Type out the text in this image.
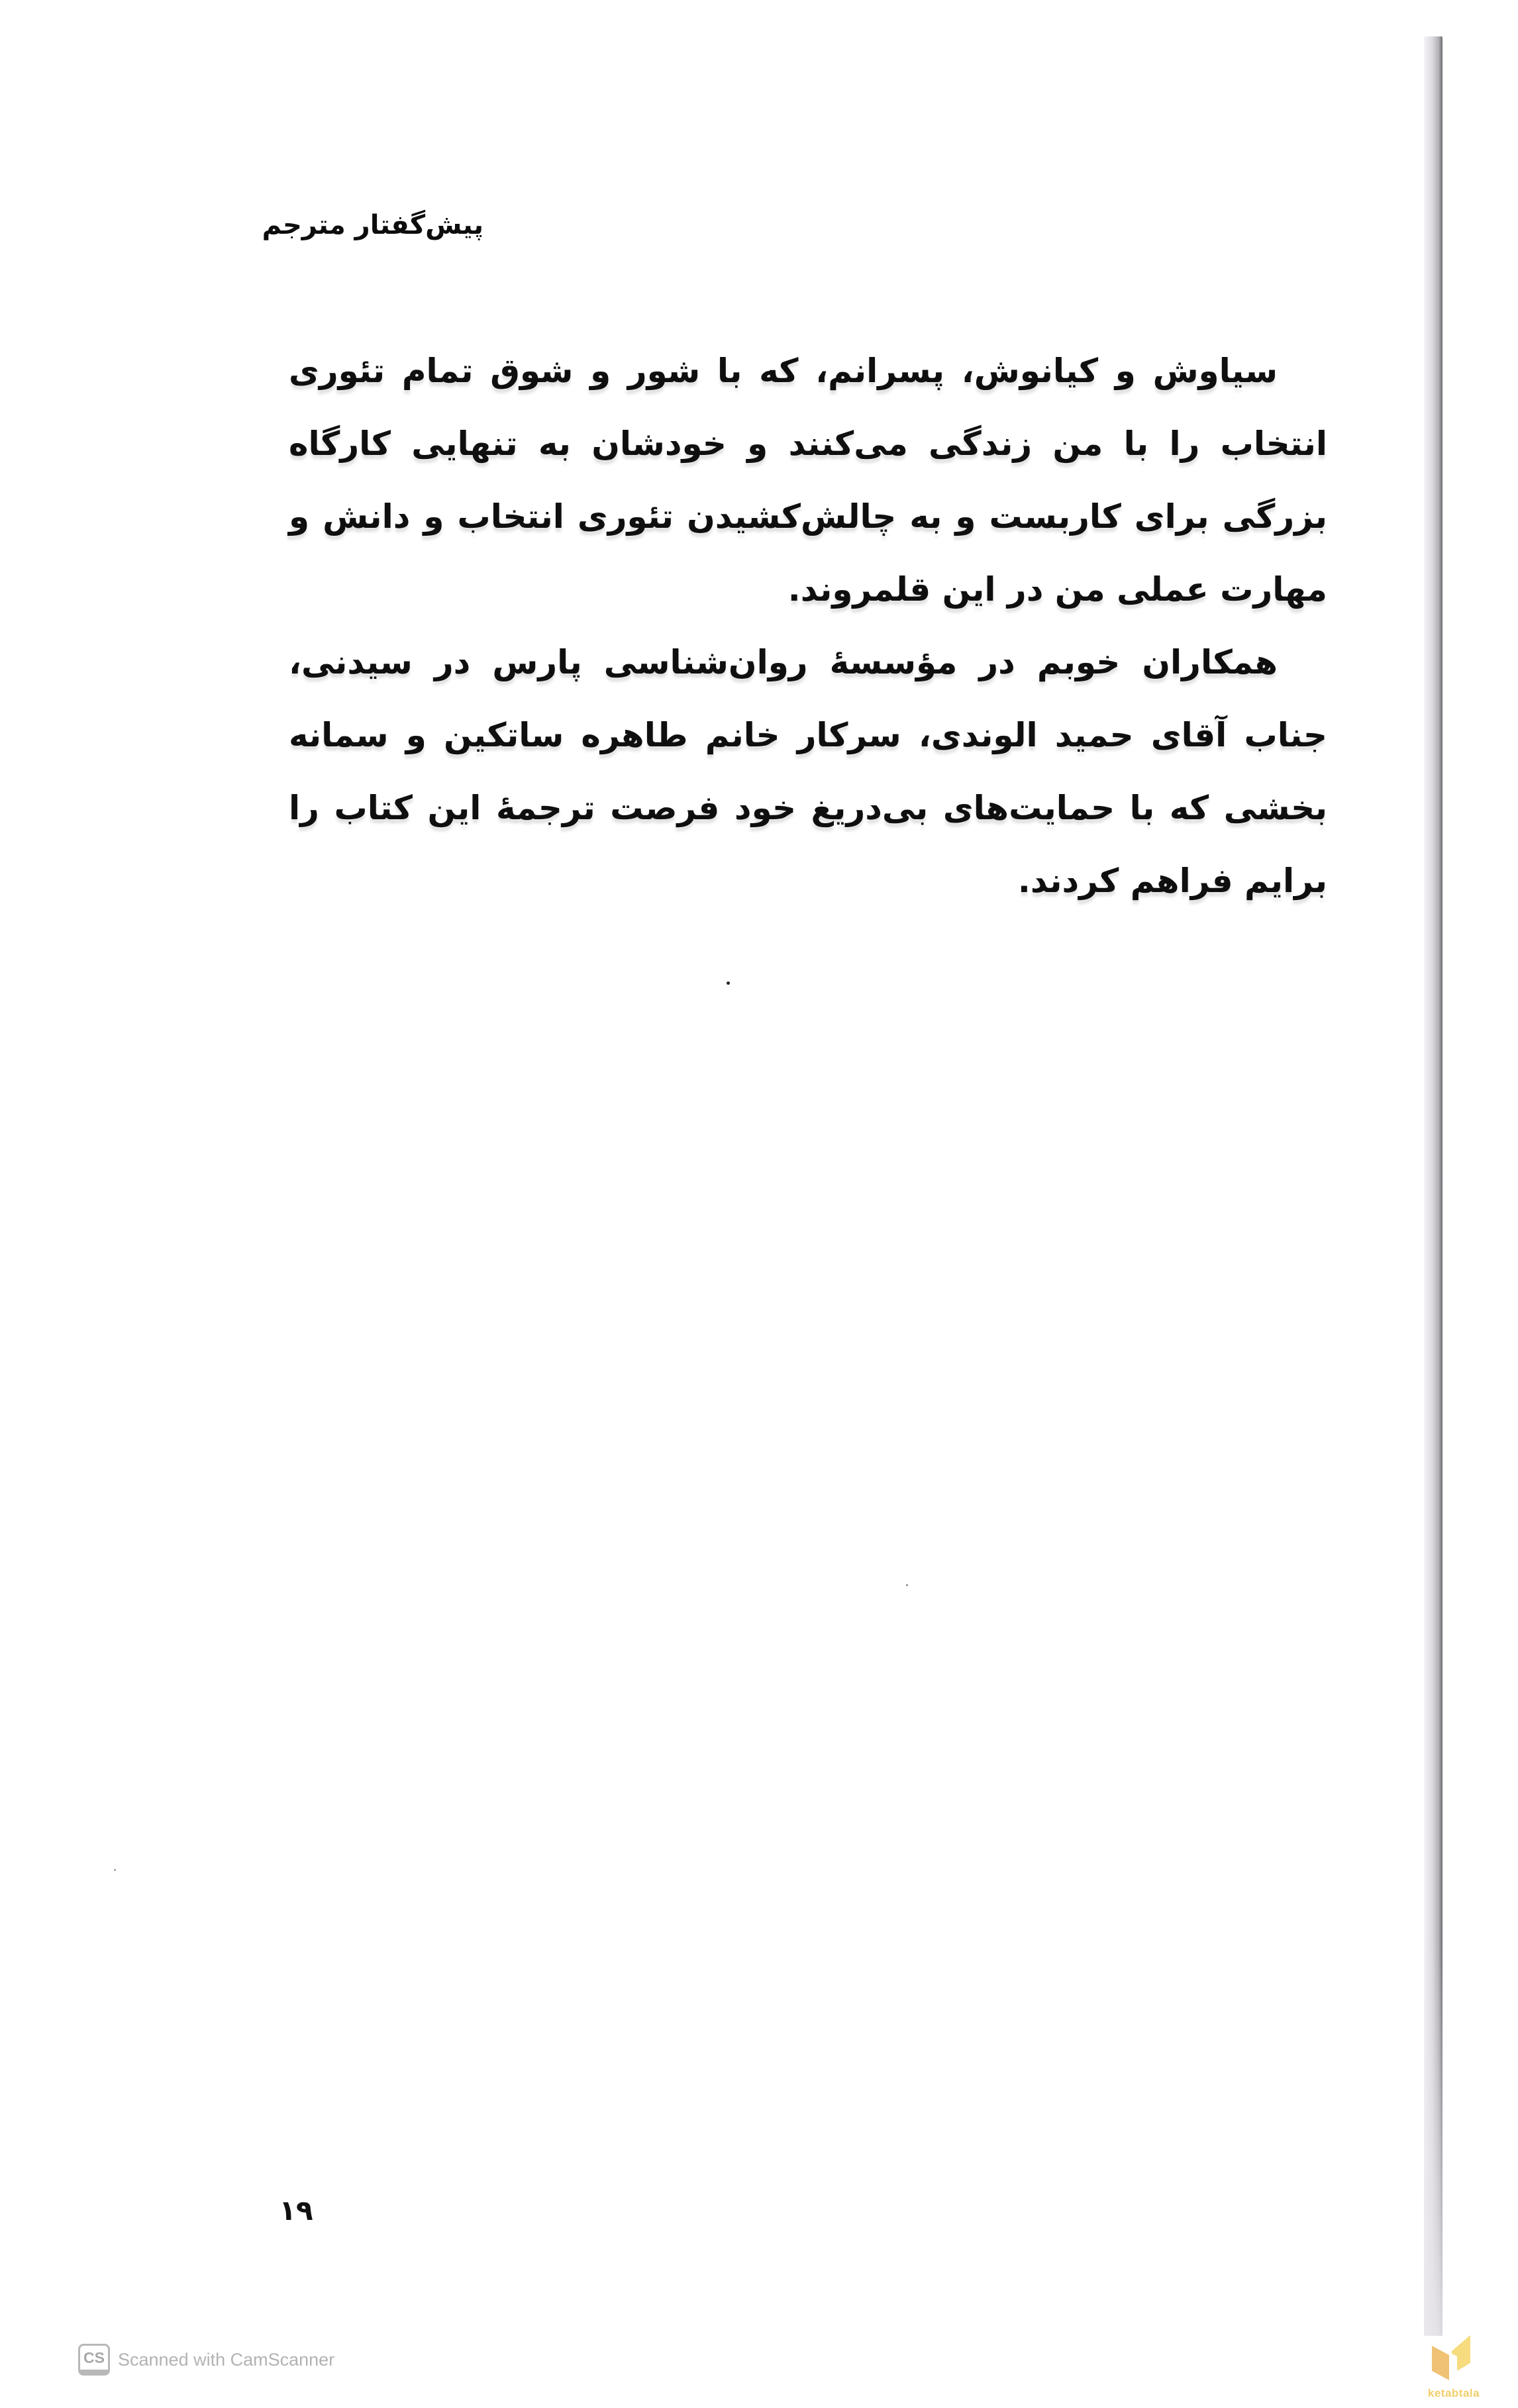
پیش‌گفتار مترجم

سیاوش و کیانوش، پسرانم، که با شور و شوق تمام تئوری انتخاب را با من زندگی می‌کنند و خودشان به تنهایی کارگاه بزرگی برای کاربست و به چالش‌کشیدن تئوری انتخاب و دانش و مهارت عملی من در این قلمروند.

همکاران خوبم در مؤسسهٔ روان‌شناسی پارس در سیدنی، جناب آقای حمید الوندی، سرکار خانم طاهره ساتکین و سمانه بخشی که با حمایت‌های بی‌دریغ خود فرصت ترجمهٔ این کتاب را برایم فراهم کردند.

۱۹
CS Scanned with CamScanner
ketabtala
